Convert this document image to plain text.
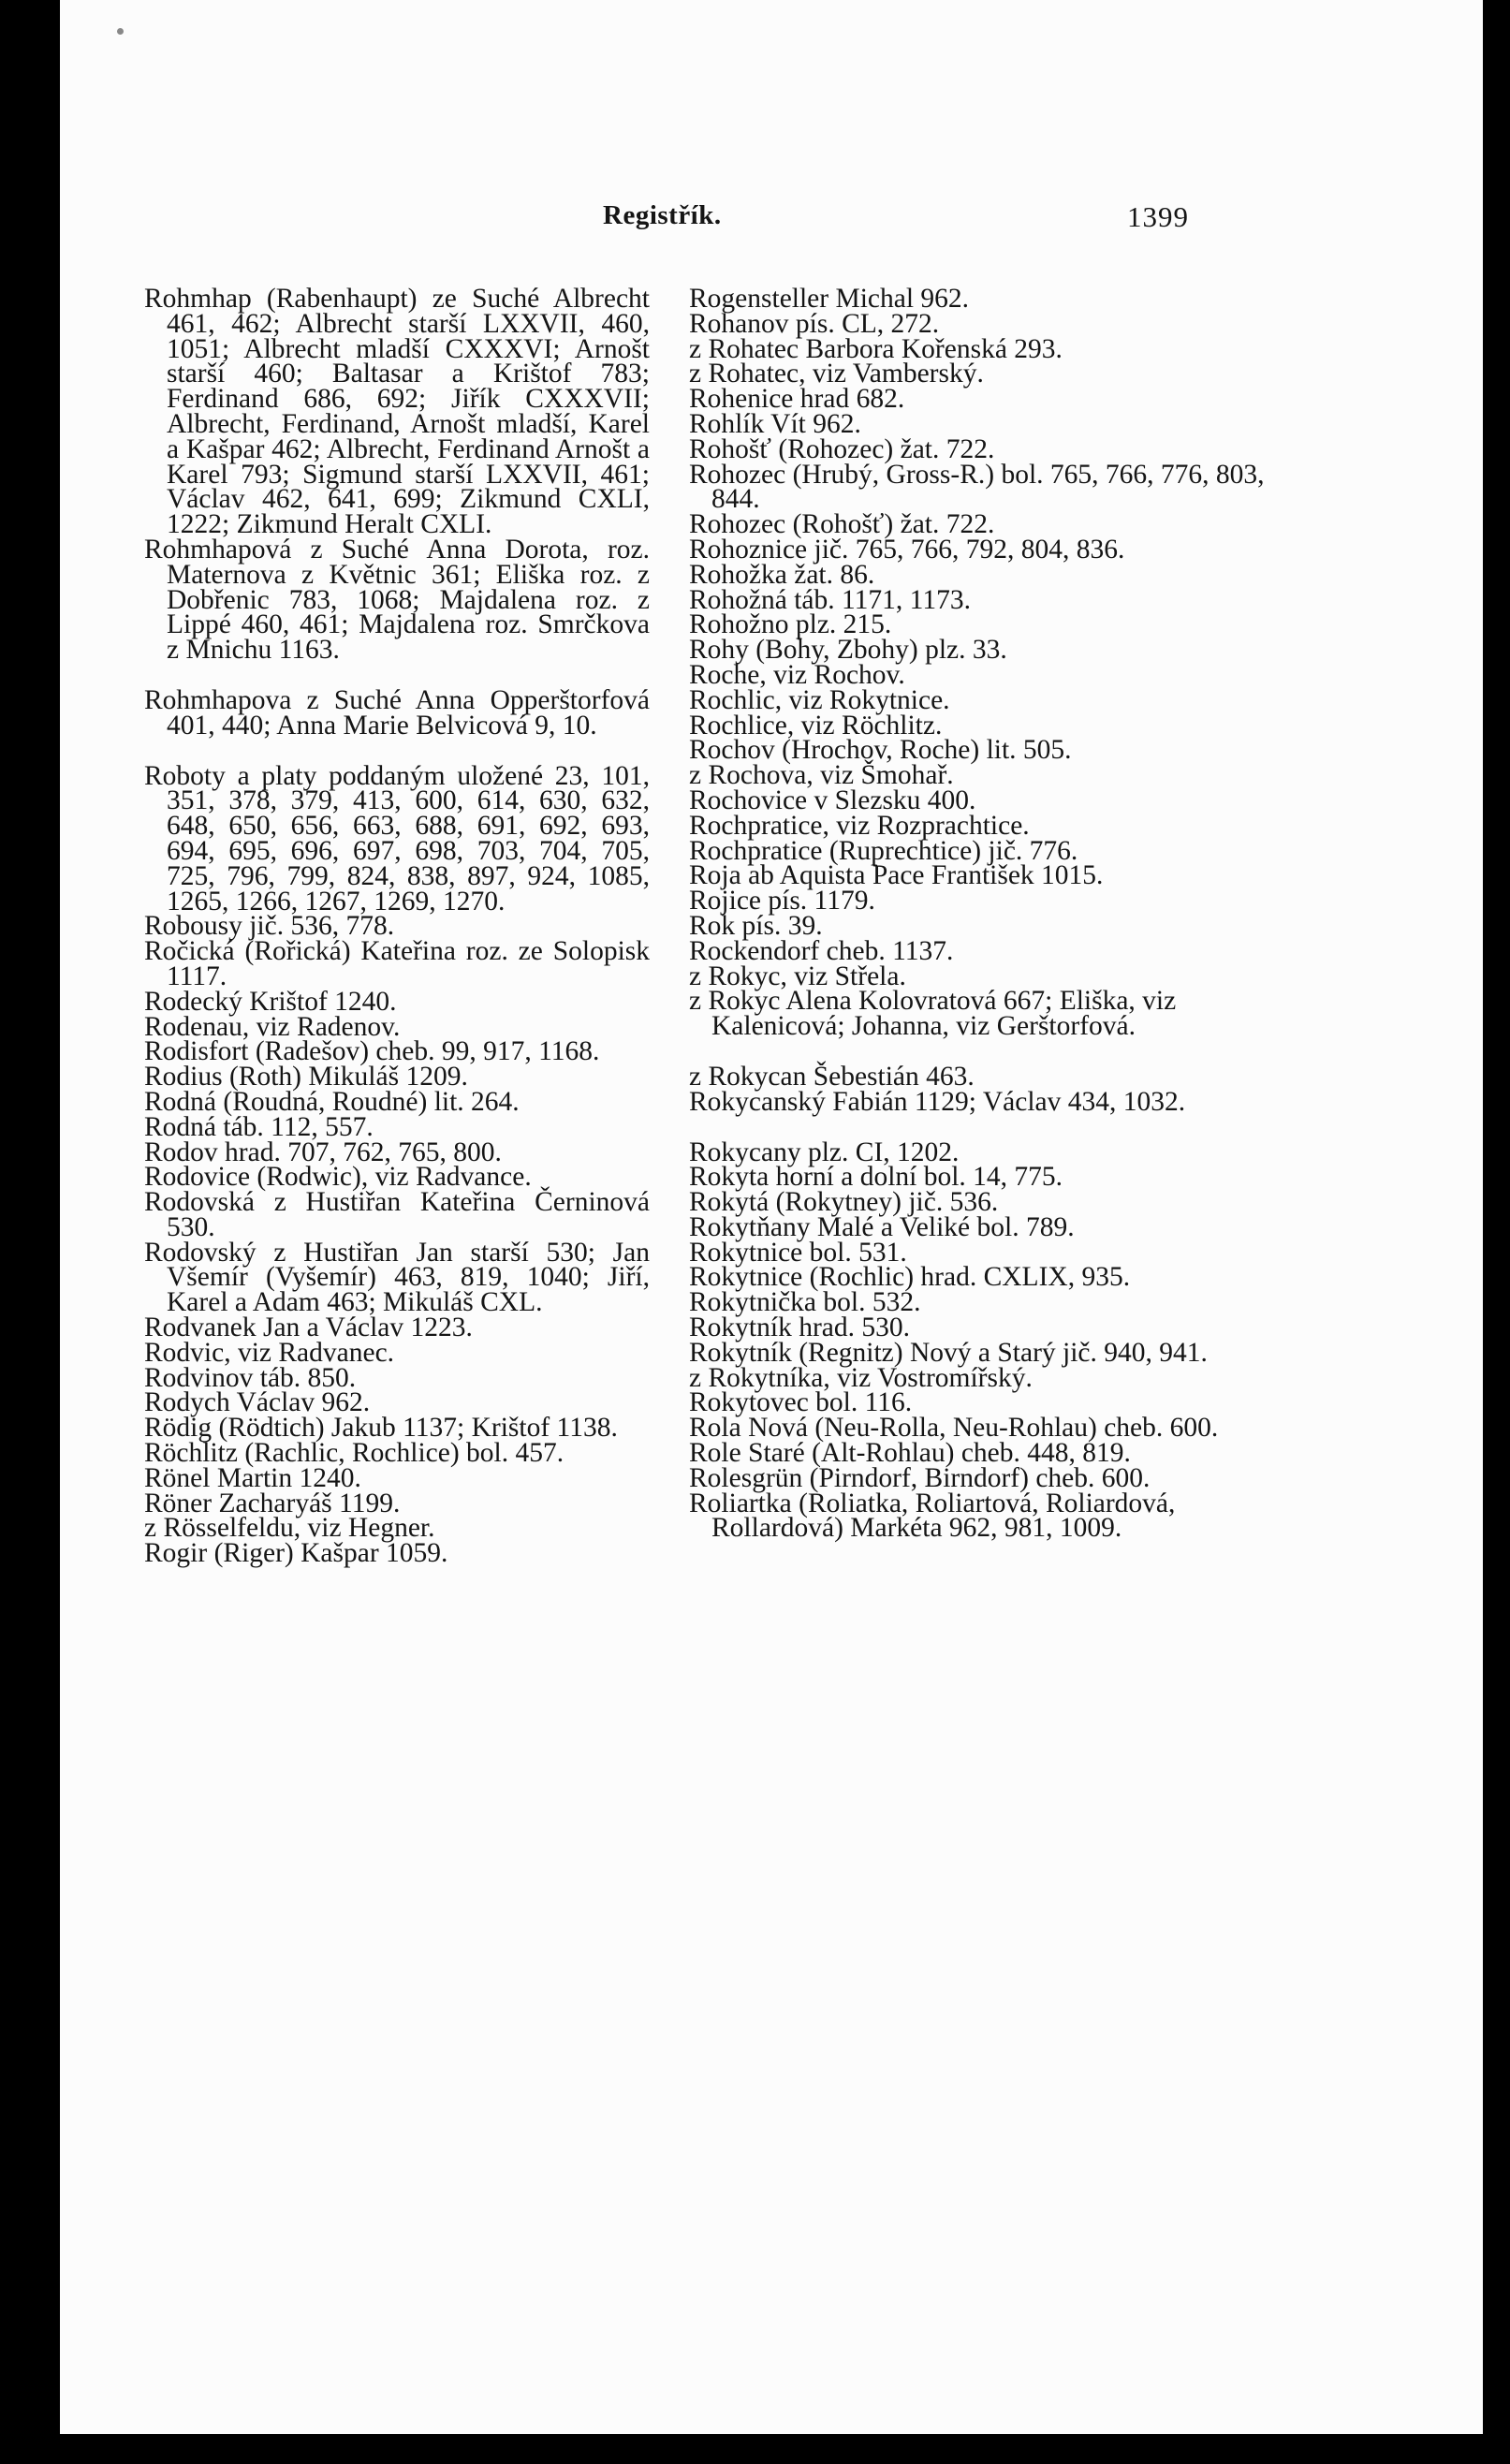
Registřík.	1399

Rohmhap (Rabenhaupt) ze Suché Albrecht 461, 462; Albrecht starší LXXVII, 460, 1051; Albrecht mladší CXXXVI; Arnošt starší 460; Baltasar a Krištof 783; Ferdinand 686, 692; Jiřík CXXXVII; Albrecht, Ferdinand, Arnošt mladší, Karel a Kašpar 462; Albrecht, Ferdinand Arnošt a Karel 793; Sigmund starší LXXVII, 461; Václav 462, 641, 699; Zikmund CXLI, 1222; Zikmund Heralt CXLI.

Rohmhapová z Suché Anna Dorota, roz. Maternova z Květnic 361; Eliška roz. z Dobřenic 783, 1068; Majdalena roz. z Lippé 460, 461; Majdalena roz. Smrčkova z Mnichu 1163.

Rohmhapova z Suché Anna Opperštorfová 401, 440; Anna Marie Belvicová 9, 10.

Roboty a platy poddaným uložené 23, 101, 351, 378, 379, 413, 600, 614, 630, 632, 648, 650, 656, 663, 688, 691, 692, 693, 694, 695, 696, 697, 698, 703, 704, 705, 725, 796, 799, 824, 838, 897, 924, 1085, 1265, 1266, 1267, 1269, 1270.

Robousy jič. 536, 778.

Ročická (Rořická) Kateřina roz. ze Solopisk 1117.

Rodecký Krištof 1240.

Rodenau, viz Radenov.

Rodisfort (Radešov) cheb. 99, 917, 1168.

Rodius (Roth) Mikuláš 1209.

Rodná (Roudná, Roudné) lit. 264.

Rodná táb. 112, 557.

Rodov hrad. 707, 762, 765, 800.

Rodovice (Rodwic), viz Radvance.

Rodovská z Hustiřan Kateřina Černinová 530.

Rodovský z Hustiřan Jan starší 530; Jan Všemír (Vyšemír) 463, 819, 1040; Jiří, Karel a Adam 463; Mikuláš CXL.

Rodvanek Jan a Václav 1223.

Rodvic, viz Radvanec.

Rodvinov táb. 850.

Rodych Václav 962.

Rödig (Rödtich) Jakub 1137; Krištof 1138.

Röchlitz (Rachlic, Rochlice) bol. 457.

Rönel Martin 1240.

Röner Zacharyáš 1199.

z Rösselfeldu, viz Hegner.

Rogir (Riger) Kašpar 1059.

Rogensteller Michal 962.

Rohanov pís. CL, 272.

z Rohatec Barbora Kořenská 293.

z Rohatec, viz Vamberský.

Rohenice hrad 682.

Rohlík Vít 962.

Rohošť (Rohozec) žat. 722.

Rohozec (Hrubý, Gross-R.) bol. 765, 766, 776, 803, 844.

Rohozec (Rohošť) žat. 722.

Rohoznice jič. 765, 766, 792, 804, 836.

Rohožka žat. 86.

Rohožná táb. 1171, 1173.

Rohožno plz. 215.

Rohy (Bohy, Zbohy) plz. 33.

Roche, viz Rochov.

Rochlic, viz Rokytnice.

Rochlice, viz Röchlitz.

Rochov (Hrochov, Roche) lit. 505.

z Rochova, viz Šmohař.

Rochovice v Slezsku 400.

Rochpratice, viz Rozprachtice.

Rochpratice (Ruprechtice) jič. 776.

Roja ab Aquista Pace František 1015.

Rojice pís. 1179.

Rok pís. 39.

Rockendorf cheb. 1137.

z Rokyc, viz Střela.

z Rokyc Alena Kolovratová 667; Eliška, viz Kalenicová; Johanna, viz Gerštorfová.

z Rokycan Šebestián 463.

Rokycanský Fabián 1129; Václav 434, 1032.

Rokycany plz. CI, 1202.

Rokyta horní a dolní bol. 14, 775.

Rokytá (Rokytney) jič. 536.

Rokytňany Malé a Veliké bol. 789.

Rokytnice bol. 531.

Rokytnice (Rochlic) hrad. CXLIX, 935.

Rokytnička bol. 532.

Rokytník hrad. 530.

Rokytník (Regnitz) Nový a Starý jič. 940, 941.

z Rokytníka, viz Vostromířský.

Rokytovec bol. 116.

Rola Nová (Neu-Rolla, Neu-Rohlau) cheb. 600.

Role Staré (Alt-Rohlau) cheb. 448, 819.

Rolesgrün (Pirndorf, Birndorf) cheb. 600.

Roliartka (Roliatka, Roliartová, Roliardová, Rollardová) Markéta 962, 981, 1009.
